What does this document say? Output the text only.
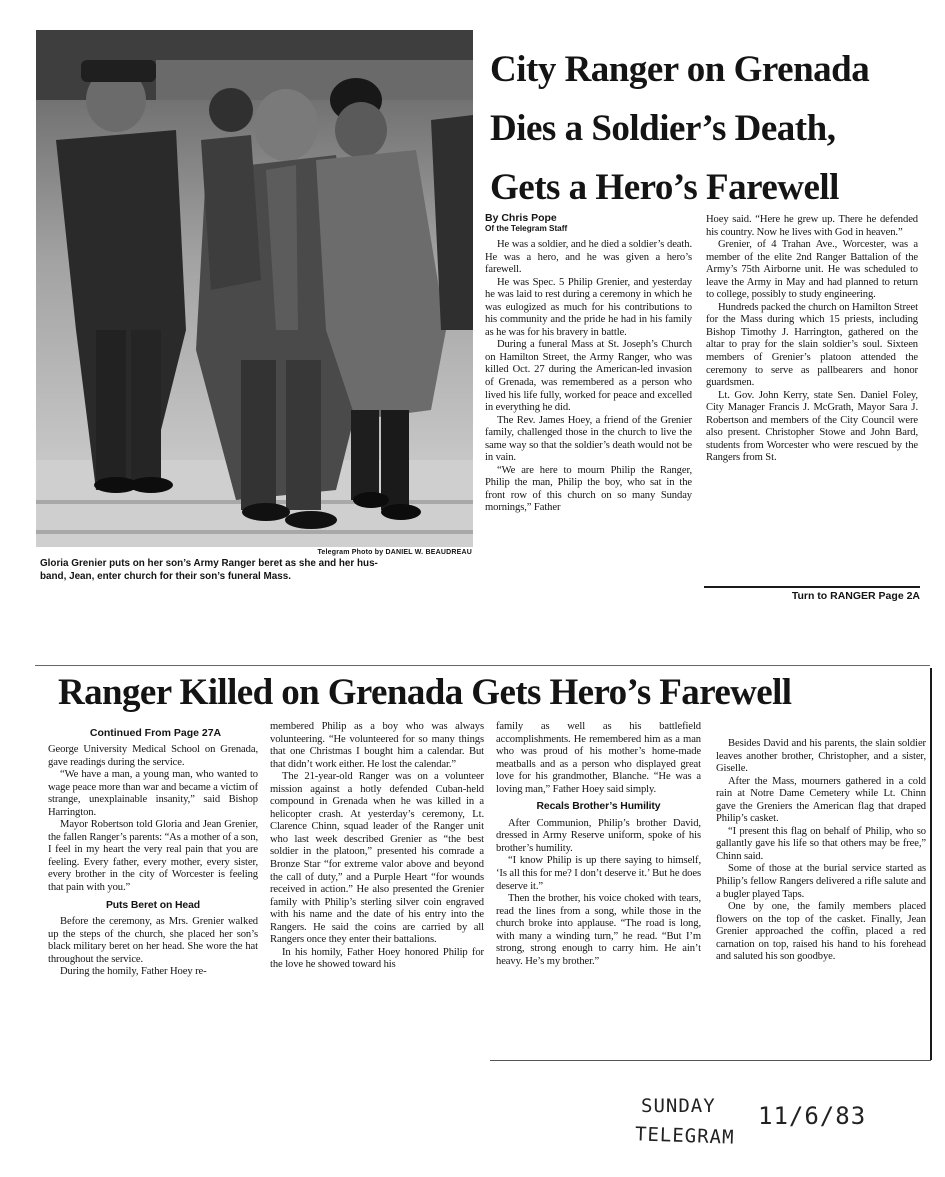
Telegram Photo by DANIEL W. BEAUDREAU
Gloria Grenier puts on her son’s Army Ranger beret as she and her hus-
band, Jean, enter church for their son’s funeral Mass.
City Ranger on Grenada
Dies a Soldier’s Death,
Gets a Hero’s Farewell
By Chris Pope
Of the Telegram Staff

He was a soldier, and he died a soldier’s death. He was a hero, and he was given a hero’s farewell.

He was Spec. 5 Philip Grenier, and yesterday he was laid to rest during a ceremony in which he was eulogized as much for his contributions to his community and the pride he had in his family as he was for his bravery in battle.

During a funeral Mass at St. Joseph’s Church on Hamilton Street, the Army Ranger, who was killed Oct. 27 during the American-led invasion of Grenada, was remembered as a person who lived his life fully, worked for peace and excelled in everything he did.

The Rev. James Hoey, a friend of the Grenier family, challenged those in the church to live the same way so that the soldier’s death would not be in vain.

“We are here to mourn Philip the Ranger, Philip the man, Philip the boy, who sat in the front row of this church on so many Sunday mornings,” Father

Hoey said. “Here he grew up. There he defended his country. Now he lives with God in heaven.”

Grenier, of 4 Trahan Ave., Worcester, was a member of the elite 2nd Ranger Battalion of the Army’s 75th Airborne unit. He was scheduled to leave the Army in May and had planned to return to college, possibly to study engineering.

Hundreds packed the church on Hamilton Street for the Mass during which 15 priests, including Bishop Timothy J. Harrington, gathered on the altar to pray for the slain soldier’s soul. Sixteen members of Grenier’s platoon attended the ceremony to serve as pallbearers and honor guardsmen.

Lt. Gov. John Kerry, state Sen. Daniel Foley, City Manager Francis J. McGrath, Mayor Sara J. Robertson and members of the City Council were also present. Christopher Stowe and John Bard, students from Worcester who were rescued by the Rangers from St.

Turn to RANGER Page 2A
Ranger Killed on Grenada Gets Hero’s Farewell
Continued From Page 27A

George University Medical School on Grenada, gave readings during the service.

“We have a man, a young man, who wanted to wage peace more than war and became a victim of strange, unexplainable insanity,” said Bishop Harrington.

Mayor Robertson told Gloria and Jean Grenier, the fallen Ranger’s parents: “As a mother of a son, I feel in my heart the very real pain that you are feeling. Every father, every mother, every sister, every brother in the city of Worcester is feeling that pain with you.”

Puts Beret on Head

Before the ceremony, as Mrs. Grenier walked up the steps of the church, she placed her son’s black military beret on her head. She wore the hat throughout the service.

During the homily, Father Hoey re-

membered Philip as a boy who was always volunteering. “He volunteered for so many things that one Christmas I bought him a calendar. But that didn’t work either. He lost the calendar.”

The 21-year-old Ranger was on a volunteer mission against a hotly defended Cuban-held compound in Grenada when he was killed in a helicopter crash. At yesterday’s ceremony, Lt. Clarence Chinn, squad leader of the Ranger unit who last week described Grenier as “the best soldier in the platoon,” presented his comrade a Bronze Star “for extreme valor above and beyond the call of duty,” and a Purple Heart “for wounds received in action.” He also presented the Grenier family with Philip’s sterling silver coin engraved with his name and the date of his entry into the Rangers. He said the coins are carried by all Rangers once they enter their battalions.

In his homily, Father Hoey honored Philip for the love he showed toward his

family as well as his battlefield accomplishments. He remembered him as a man who was proud of his mother’s home-made meatballs and as a person who displayed great love for his grandmother, Blanche. “He was a loving man,” Father Hoey said simply.

Recals Brother’s Humility

After Communion, Philip’s brother David, dressed in Army Reserve uniform, spoke of his brother’s humility.

“I know Philip is up there saying to himself, ‘Is all this for me? I don’t deserve it.’ But he does deserve it.”

Then the brother, his voice choked with tears, read the lines from a song, while those in the church broke into applause. “The road is long, with many a winding turn,” he read. “But I’m strong, strong enough to carry him. He ain’t heavy. He’s my brother.”

Besides David and his parents, the slain soldier leaves another brother, Christopher, and a sister, Giselle.

After the Mass, mourners gathered in a cold rain at Notre Dame Cemetery while Lt. Chinn gave the Greniers the American flag that draped Philip’s casket.

“I present this flag on behalf of Philip, who so gallantly gave his life so that others may be free,” Chinn said.

Some of those at the burial service started as Philip’s fellow Rangers delivered a rifle salute and a bugler played Taps.

One by one, the family members placed flowers on the top of the casket. Finally, Jean Grenier approached the coffin, placed a red carnation on top, raised his hand to his forehead and saluted his son goodbye.

SUNDAY
TELEGRAM
11/6/83
